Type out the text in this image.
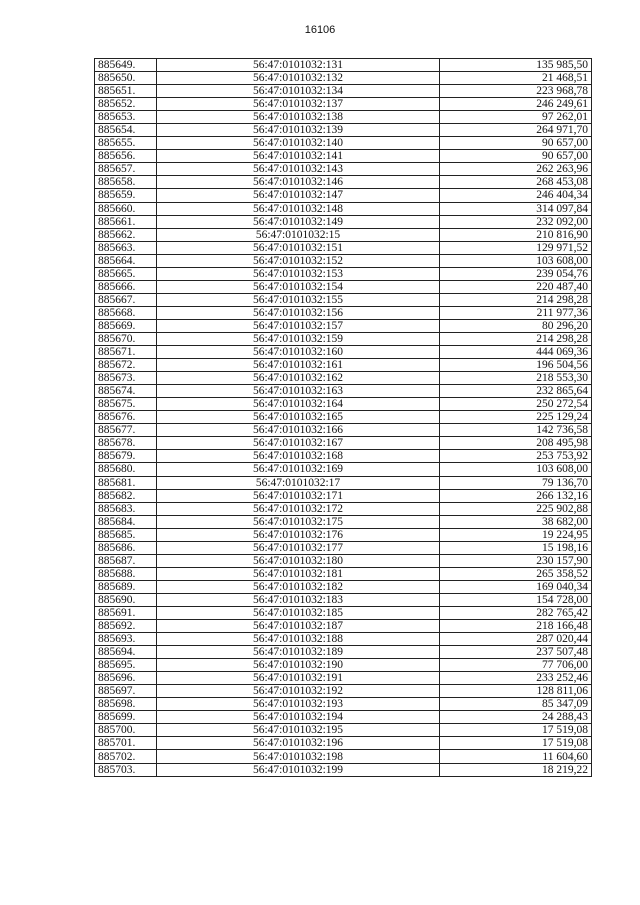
16106
885649.	56:47:0101032:131	135 985,50
885650.	56:47:0101032:132	21 468,51
885651.	56:47:0101032:134	223 968,78
885652.	56:47:0101032:137	246 249,61
885653.	56:47:0101032:138	97 262,01
885654.	56:47:0101032:139	264 971,70
885655.	56:47:0101032:140	90 657,00
885656.	56:47:0101032:141	90 657,00
885657.	56:47:0101032:143	262 263,96
885658.	56:47:0101032:146	268 453,08
885659.	56:47:0101032:147	246 404,34
885660.	56:47:0101032:148	314 097,84
885661.	56:47:0101032:149	232 092,00
885662.	56:47:0101032:15	210 816,90
885663.	56:47:0101032:151	129 971,52
885664.	56:47:0101032:152	103 608,00
885665.	56:47:0101032:153	239 054,76
885666.	56:47:0101032:154	220 487,40
885667.	56:47:0101032:155	214 298,28
885668.	56:47:0101032:156	211 977,36
885669.	56:47:0101032:157	80 296,20
885670.	56:47:0101032:159	214 298,28
885671.	56:47:0101032:160	444 069,36
885672.	56:47:0101032:161	196 504,56
885673.	56:47:0101032:162	218 553,30
885674.	56:47:0101032:163	232 865,64
885675.	56:47:0101032:164	250 272,54
885676.	56:47:0101032:165	225 129,24
885677.	56:47:0101032:166	142 736,58
885678.	56:47:0101032:167	208 495,98
885679.	56:47:0101032:168	253 753,92
885680.	56:47:0101032:169	103 608,00
885681.	56:47:0101032:17	79 136,70
885682.	56:47:0101032:171	266 132,16
885683.	56:47:0101032:172	225 902,88
885684.	56:47:0101032:175	38 682,00
885685.	56:47:0101032:176	19 224,95
885686.	56:47:0101032:177	15 198,16
885687.	56:47:0101032:180	230 157,90
885688.	56:47:0101032:181	265 358,52
885689.	56:47:0101032:182	169 040,34
885690.	56:47:0101032:183	154 728,00
885691.	56:47:0101032:185	282 765,42
885692.	56:47:0101032:187	218 166,48
885693.	56:47:0101032:188	287 020,44
885694.	56:47:0101032:189	237 507,48
885695.	56:47:0101032:190	77 706,00
885696.	56:47:0101032:191	233 252,46
885697.	56:47:0101032:192	128 811,06
885698.	56:47:0101032:193	85 347,09
885699.	56:47:0101032:194	24 288,43
885700.	56:47:0101032:195	17 519,08
885701.	56:47:0101032:196	17 519,08
885702.	56:47:0101032:198	11 604,60
885703.	56:47:0101032:199	18 219,22
